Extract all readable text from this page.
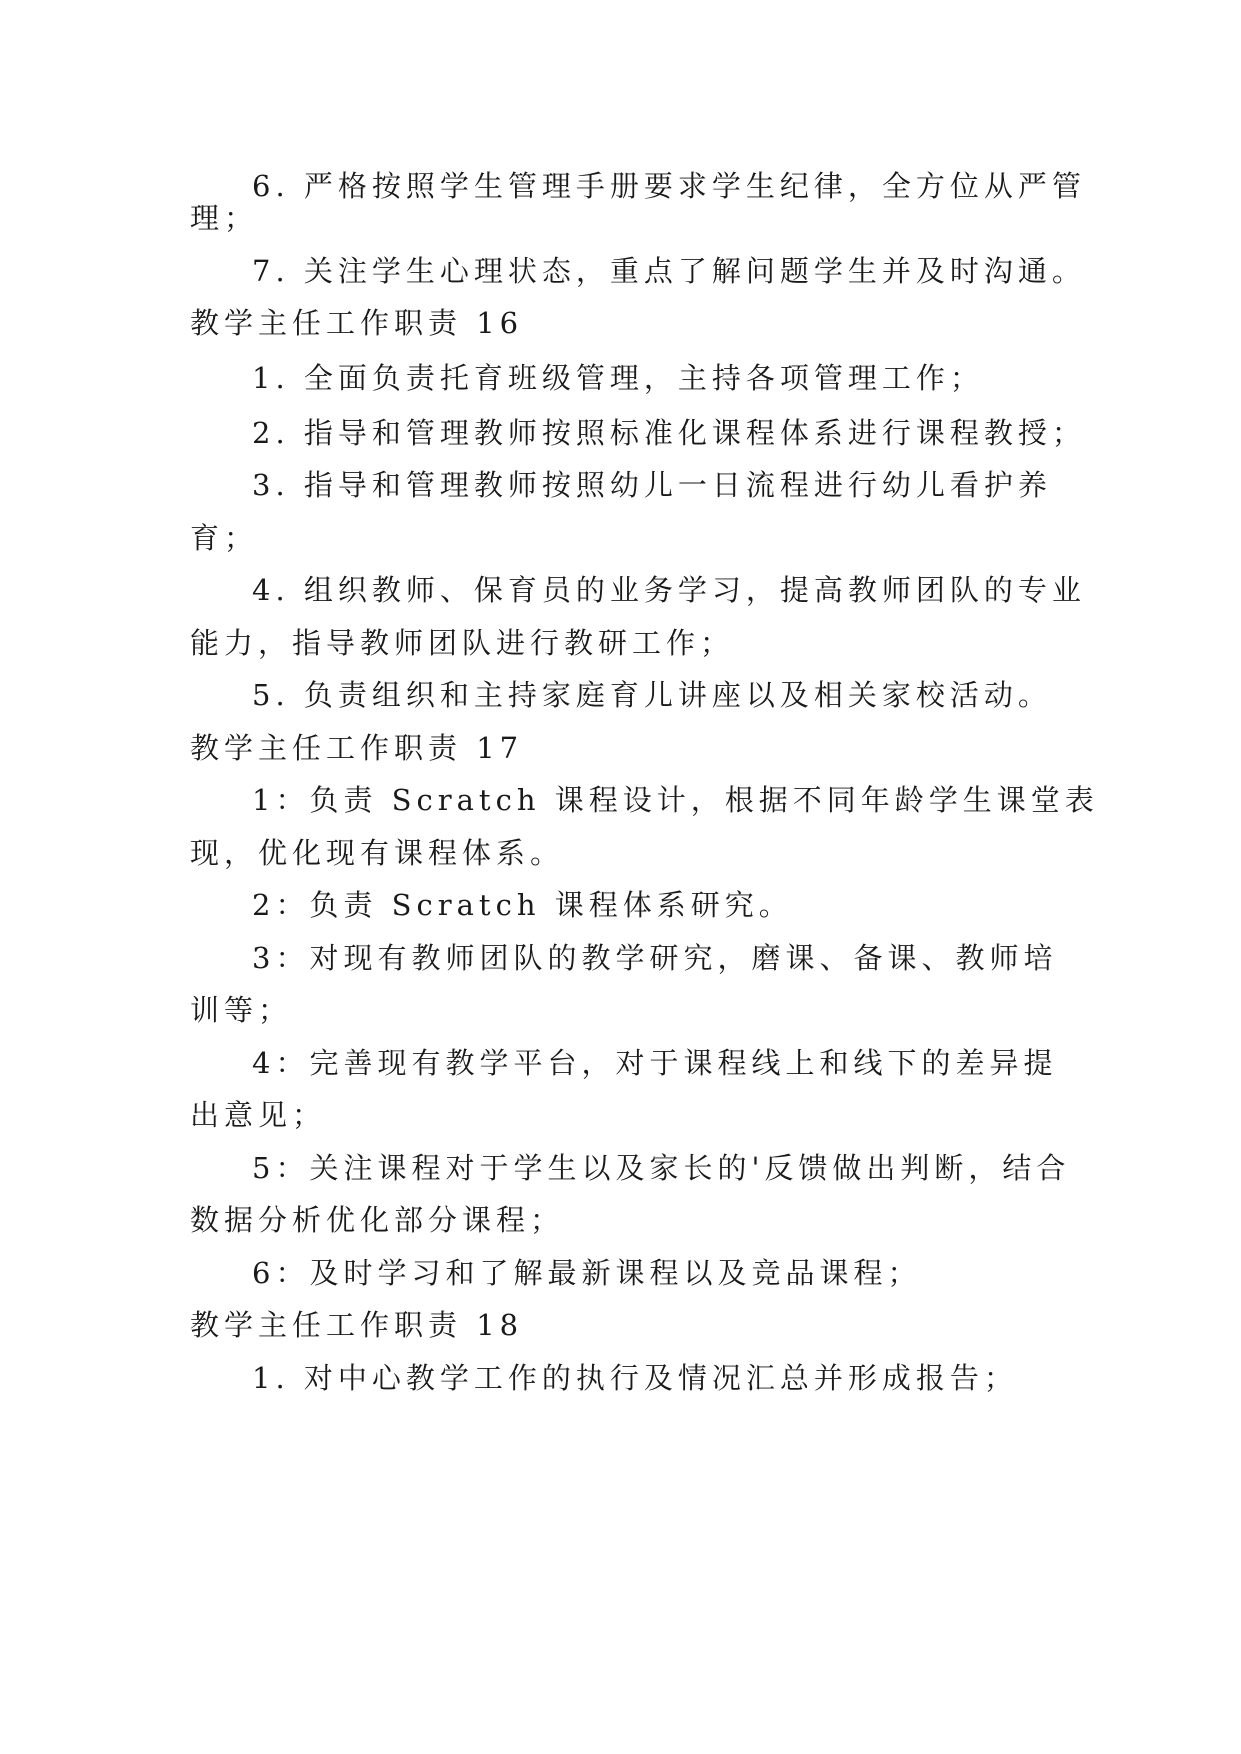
6. 严格按照学生管理手册要求学生纪律，全方位从严管
理；
7. 关注学生心理状态，重点了解问题学生并及时沟通。
教学主任工作职责 16
1. 全面负责托育班级管理，主持各项管理工作；
2. 指导和管理教师按照标准化课程体系进行课程教授；
3. 指导和管理教师按照幼儿一日流程进行幼儿看护养
育；
4. 组织教师、保育员的业务学习，提高教师团队的专业
能力，指导教师团队进行教研工作；
5. 负责组织和主持家庭育儿讲座以及相关家校活动。
教学主任工作职责 17
1：负责 Scratch 课程设计，根据不同年龄学生课堂表
现，优化现有课程体系。
2：负责 Scratch 课程体系研究。
3：对现有教师团队的教学研究，磨课、备课、教师培
训等；
4：完善现有教学平台，对于课程线上和线下的差异提
出意见；
5：关注课程对于学生以及家长的'反馈做出判断，结合
数据分析优化部分课程；
6：及时学习和了解最新课程以及竞品课程；
教学主任工作职责 18
1. 对中心教学工作的执行及情况汇总并形成报告；
